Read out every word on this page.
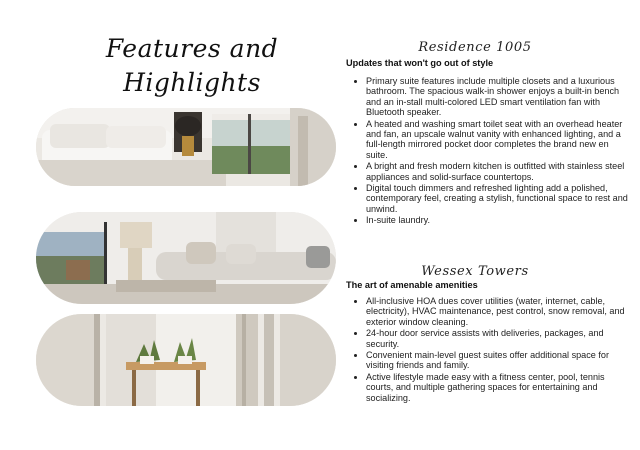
Features and
Highlights
Residence 1005
Updates that won't go out of style
• Primary suite features include multiple closets and a luxurious bathroom. The spacious walk-in shower enjoys a built-in bench and an in-stall multi-colored LED smart ventilation fan with Bluetooth speaker.
• A heated and washing smart toilet seat with an overhead heater and fan, an upscale walnut vanity with enhanced lighting, and a full-length mirrored pocket door completes the brand new en suite.
• A bright and fresh modern kitchen is outfitted with stainless steel appliances and solid-surface countertops.
• Digital touch dimmers and refreshed lighting add a polished, contemporary feel, creating a stylish, functional space to rest and unwind.
• In-suite laundry.
Wessex Towers
The art of amenable amenities
• All-inclusive HOA dues cover utilities (water, internet, cable, electricity), HVAC maintenance, pest control, snow removal, and exterior window cleaning.
• 24-hour door service assists with deliveries, packages, and security.
• Convenient main-level guest suites offer additional space for visiting friends and family.
• Active lifestyle made easy with a fitness center, pool, tennis courts, and multiple gathering spaces for entertaining and socializing.
